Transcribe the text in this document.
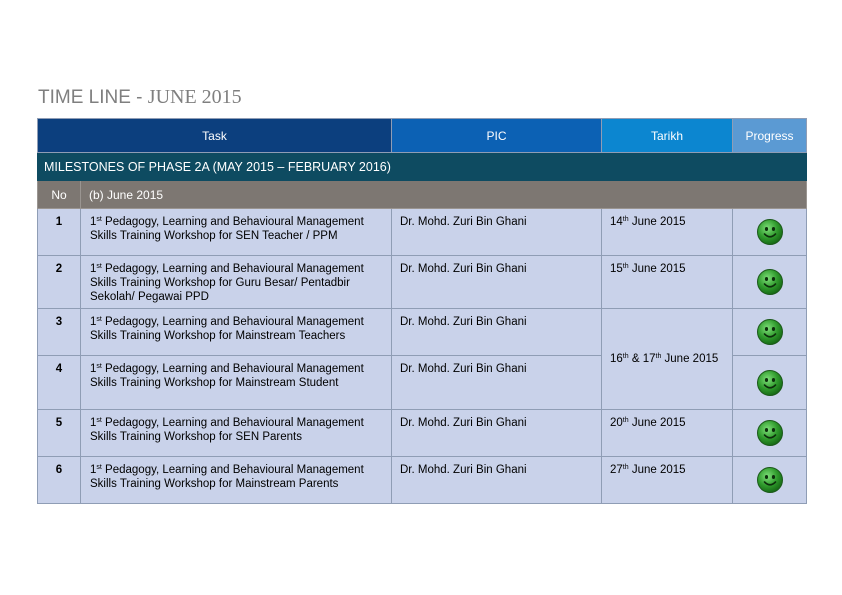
TIME LINE - JUNE 2015
Task		PIC	Tarikh	Progress
MILESTONES OF PHASE 2A (MAY 2015 – FEBRUARY 2016)				
No	(b) June 2015			
1	1st Pedagogy, Learning and Behavioural Management Skills Training Workshop for SEN Teacher / PPM	Dr. Mohd. Zuri Bin Ghani	14th June 2015	
2	1st Pedagogy, Learning and Behavioural Management Skills Training Workshop for Guru Besar/ Pentadbir Sekolah/ Pegawai PPD	Dr. Mohd. Zuri Bin Ghani	15th June 2015	
3	1st Pedagogy, Learning and Behavioural Management Skills Training Workshop for Mainstream Teachers	Dr. Mohd. Zuri Bin Ghani	16th & 17th June 2015	
4	1st Pedagogy, Learning and Behavioural Management Skills Training Workshop for Mainstream Student	Dr. Mohd. Zuri Bin Ghani	
5	1st Pedagogy, Learning and Behavioural Management Skills Training Workshop for SEN Parents	Dr. Mohd. Zuri Bin Ghani	20th June 2015	
6	1st Pedagogy, Learning and Behavioural Management Skills Training Workshop for Mainstream Parents	Dr. Mohd. Zuri Bin Ghani	27th June 2015	
